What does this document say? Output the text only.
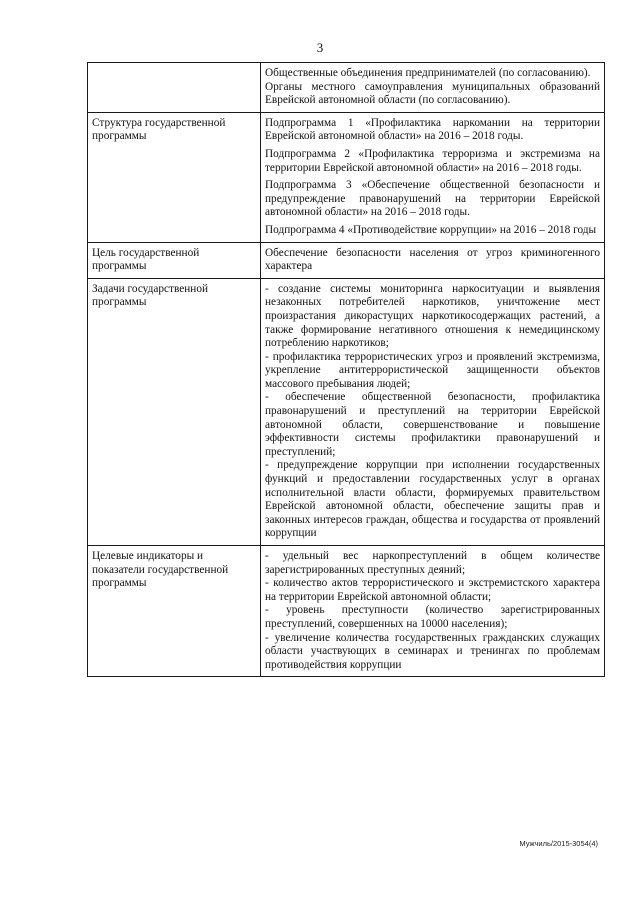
3

	Общественные объединения предпринимателей (по согласованию).

Органы местного самоуправления муниципальных образований Еврейской автономной области (по согласованию).

Структура государственной программы	Подпрограмма 1 «Профилактика наркомании на территории Еврейской автономной области» на 2016 – 2018 годы.

Подпрограмма 2 «Профилактика терроризма и экстремизма на территории Еврейской автономной области» на 2016 – 2018 годы.

Подпрограмма 3 «Обеспечение общественной безопасности и предупреждение правонарушений на территории Еврейской автономной области» на 2016 – 2018 годы.

Подпрограмма 4 «Противодействие коррупции» на 2016 – 2018 годы

Цель государственной программы	Обеспечение безопасности населения от угроз криминогенного характера

Задачи государственной программы	- создание системы мониторинга наркоситуации и выявления незаконных потребителей наркотиков, уничтожение мест произрастания дикорастущих наркотикосодержащих растений, а также формирование негативного отношения к немедицинскому потреблению наркотиков;

- профилактика террористических угроз и проявлений экстремизма, укрепление антитеррористической защищенности объектов массового пребывания людей;

- обеспечение общественной безопасности, профилактика правонарушений и преступлений на территории Еврейской автономной области, совершенствование и повышение эффективности системы профилактики правонарушений и преступлений;

- предупреждение коррупции при исполнении государственных функций и предоставлении государственных услуг в органах исполнительной власти области, формируемых правительством Еврейской автономной области, обеспечение защиты прав и законных интересов граждан, общества и государства от проявлений коррупции

Целевые индикаторы и показатели государственной программы	- удельный вес наркопреступлений в общем количестве зарегистрированных преступных деяний;

- количество актов террористического и экстремистского характера на территории Еврейской автономной области;

- уровень преступности (количество зарегистрированных преступлений, совершенных на 10000 населения);

- увеличение количества государственных гражданских служащих области участвующих в семинарах и тренингах по проблемам противодействия коррупции

Мужчиль/2015-3054(4)
